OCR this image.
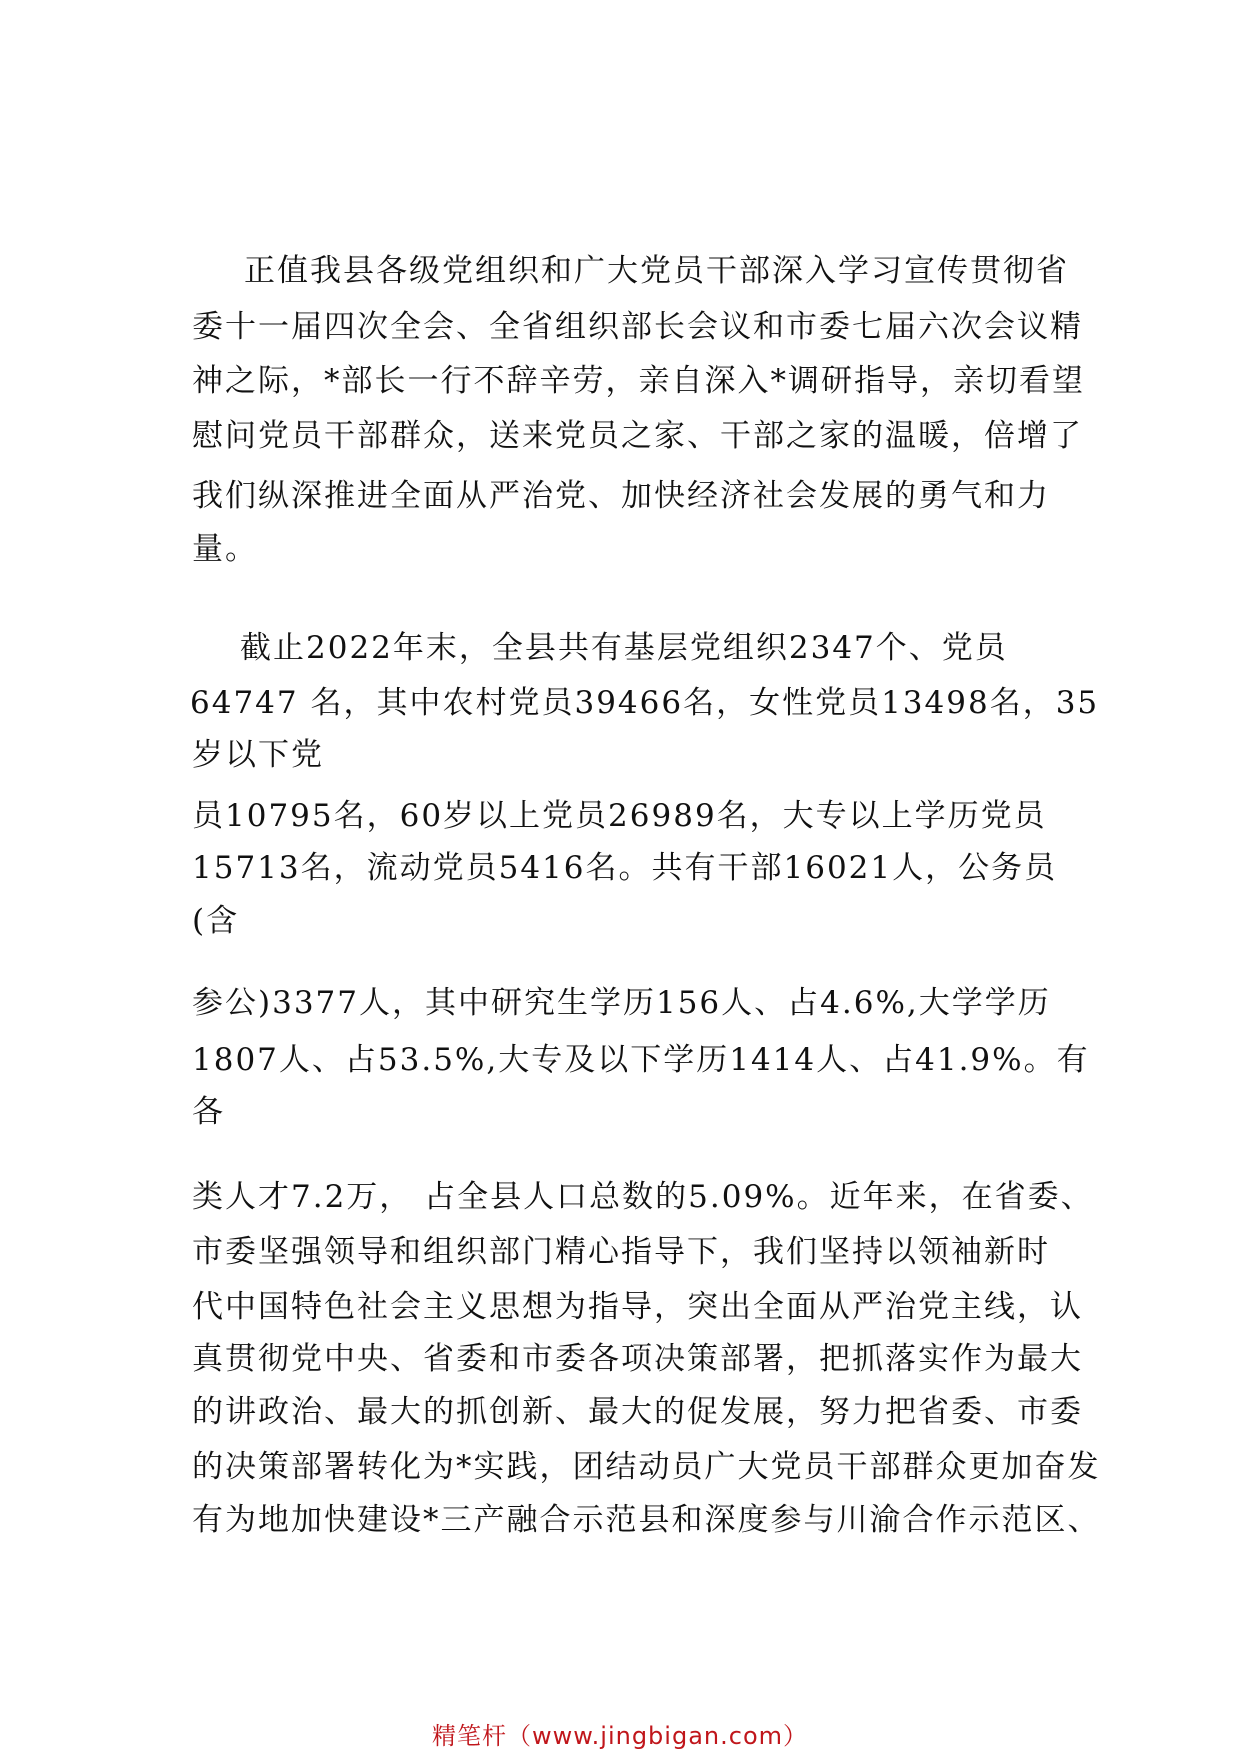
正值我县各级党组织和广大党员干部深入学习宣传贯彻省
委十一届四次全会、全省组织部长会议和市委七届六次会议精
神之际，*部长一行不辞辛劳，亲自深入*调研指导，亲切看望
慰问党员干部群众，送来党员之家、干部之家的温暖，倍增了
我们纵深推进全面从严治党、加快经济社会发展的勇气和力
量。
截止2022年末，全县共有基层党组织2347个、党员
64747 名，其中农村党员39466名，女性党员13498名，35
岁以下党
员10795名，60岁以上党员26989名，大专以上学历党员
15713名，流动党员5416名。共有干部16021人，公务员
(含
参公)3377人，其中研究生学历156人、占4.6%,大学学历
1807人、占53.5%,大专及以下学历1414人、占41.9%。有
各
类人才7.2万， 占全县人口总数的5.09%。近年来，在省委、
市委坚强领导和组织部门精心指导下，我们坚持以领袖新时
代中国特色社会主义思想为指导，突出全面从严治党主线，认
真贯彻党中央、省委和市委各项决策部署，把抓落实作为最大
的讲政治、最大的抓创新、最大的促发展，努力把省委、市委
的决策部署转化为*实践，团结动员广大党员干部群众更加奋发
有为地加快建设*三产融合示范县和深度参与川渝合作示范区、
精笔杆（www.jingbigan.com）
